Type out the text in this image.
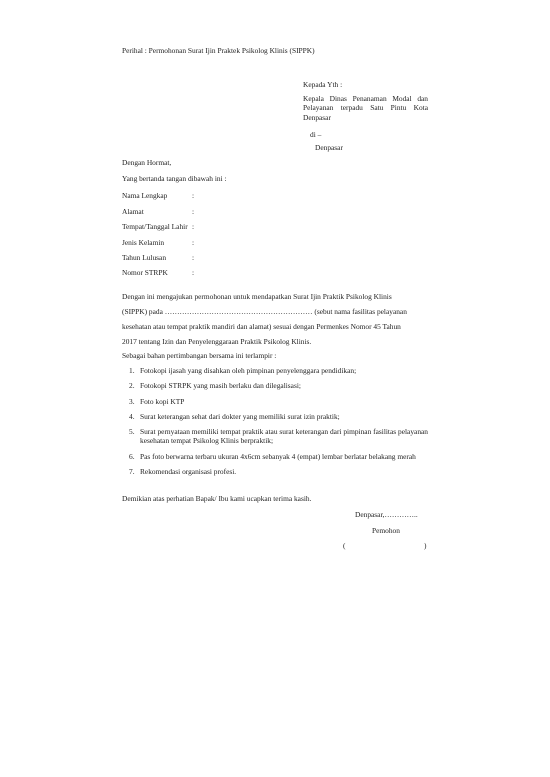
Perihal : Permohonan Surat Ijin Praktek Psikolog Klinis (SIPPK)
Kepada Yth :
Kepala Dinas Penanaman Modal dan Pelayanan terpadu Satu Pintu Kota Denpasar
di –
Denpasar
Dengan Hormat,
Yang bertanda tangan dibawah ini :
Nama Lengkap	:
Alamat	:
Tempat/Tanggal Lahir :
Jenis Kelamin	:
Tahun Lulusan	:
Nomor STRPK	:
Dengan ini mengajukan permohonan untuk mendapatkan Surat Ijin Praktik Psikolog Klinis
(SIPPK) pada …………………………………………………… (sebut nama fasilitas pelayanan
kesehatan atau tempat praktik mandiri dan alamat) sesuai dengan Permenkes Nomor 45 Tahun
2017 tentang Izin dan Penyelenggaraan Praktik Psikolog Klinis.
Sebagai bahan pertimbangan bersama ini terlampir :
1. Fotokopi ijasah yang disahkan oleh pimpinan penyelenggara pendidikan;
2. Fotokopi STRPK yang masih berlaku dan dilegalisasi;
3. Foto kopi KTP
4. Surat keterangan sehat dari dokter yang memiliki surat izin praktik;
5. Surat pernyataan memiliki tempat praktik atau surat keterangan dari pimpinan fasilitas pelayanan kesehatan tempat Psikolog Klinis berpraktik;
6. Pas foto berwarna terbaru ukuran 4x6cm sebanyak 4 (empat) lembar berlatar belakang merah
7. Rekomendasi organisasi profesi.
Demikian atas perhatian Bapak/ Ibu kami ucapkan terima kasih.
Denpasar,…………..
Pemohon
(	)
